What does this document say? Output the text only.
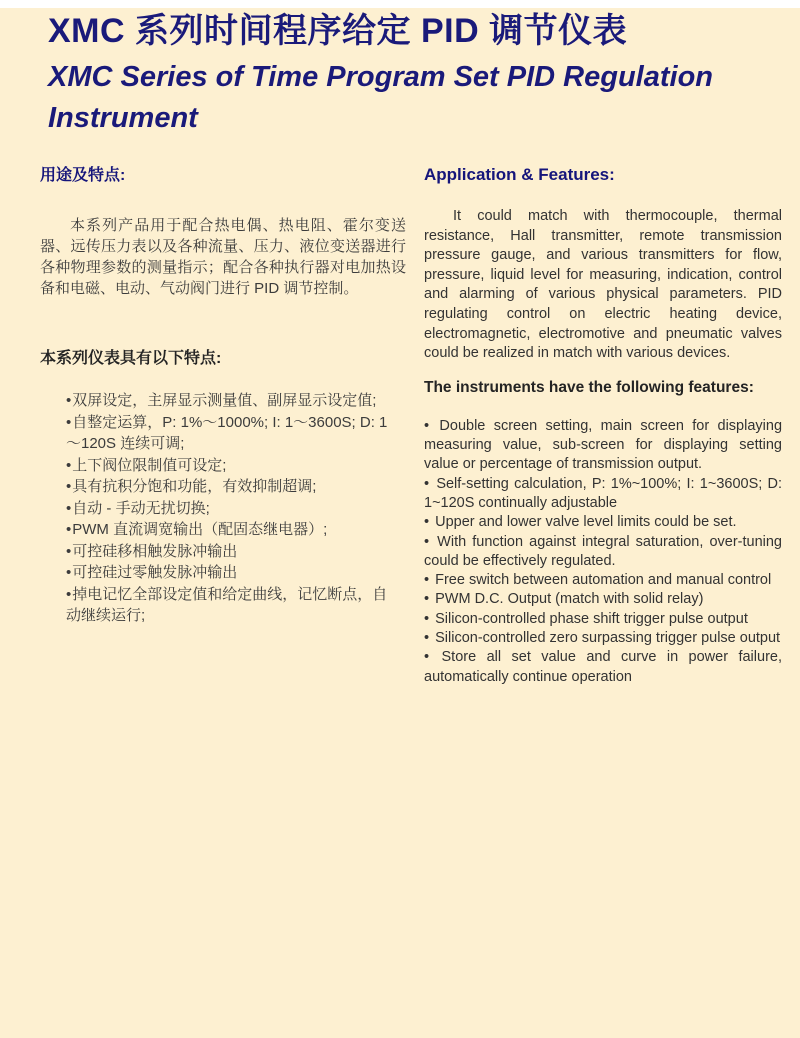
XMC 系列时间程序给定 PID 调节仪表
XMC Series of Time Program Set PID Regulation Instrument
用途及特点:

本系列产品用于配合热电偶、热电阻、霍尔变送器、远传压力表以及各种流量、压力、液位变送器进行各种物理参数的测量指示；配合各种执行器对电加热设备和电磁、电动、气动阀门进行 PID 调节控制。

本系列仪表具有以下特点:
• 双屏设定，主屏显示测量值、副屏显示设定值;
• 自整定运算，P: 1%～1000%; I: 1～3600S; D: 1～120S 连续可调;
• 上下阀位限制值可设定;
• 具有抗积分饱和功能，有效抑制超调;
• 自动 - 手动无扰切换;
• PWM 直流调宽输出（配固态继电器）;
• 可控硅移相触发脉冲输出
• 可控硅过零触发脉冲输出
• 掉电记忆全部设定值和给定曲线，记忆断点，自动继续运行;
Application & Features:

It could match with thermocouple, thermal resistance, Hall transmitter, remote transmission pressure gauge, and various transmitters for flow, pressure, liquid level for measuring, indication, control and alarming of various physical parameters. PID regulating control on electric heating device, electromagnetic, electromotive and pneumatic valves could be realized in match with various devices.

The instruments have the following features:
• Double screen setting, main screen for displaying measuring value, sub-screen for displaying setting value or percentage of transmission output.
• Self-setting calculation, P: 1%~100%; I: 1~3600S; D: 1~120S continually adjustable
• Upper and lower valve level limits could be set.
• With function against integral saturation, over-tuning could be effectively regulated.
• Free switch between automation and manual control
• PWM D.C. Output (match with solid relay)
• Silicon-controlled phase shift trigger pulse output
• Silicon-controlled zero surpassing trigger pulse output
• Store all set value and curve in power failure, automatically continue operation
